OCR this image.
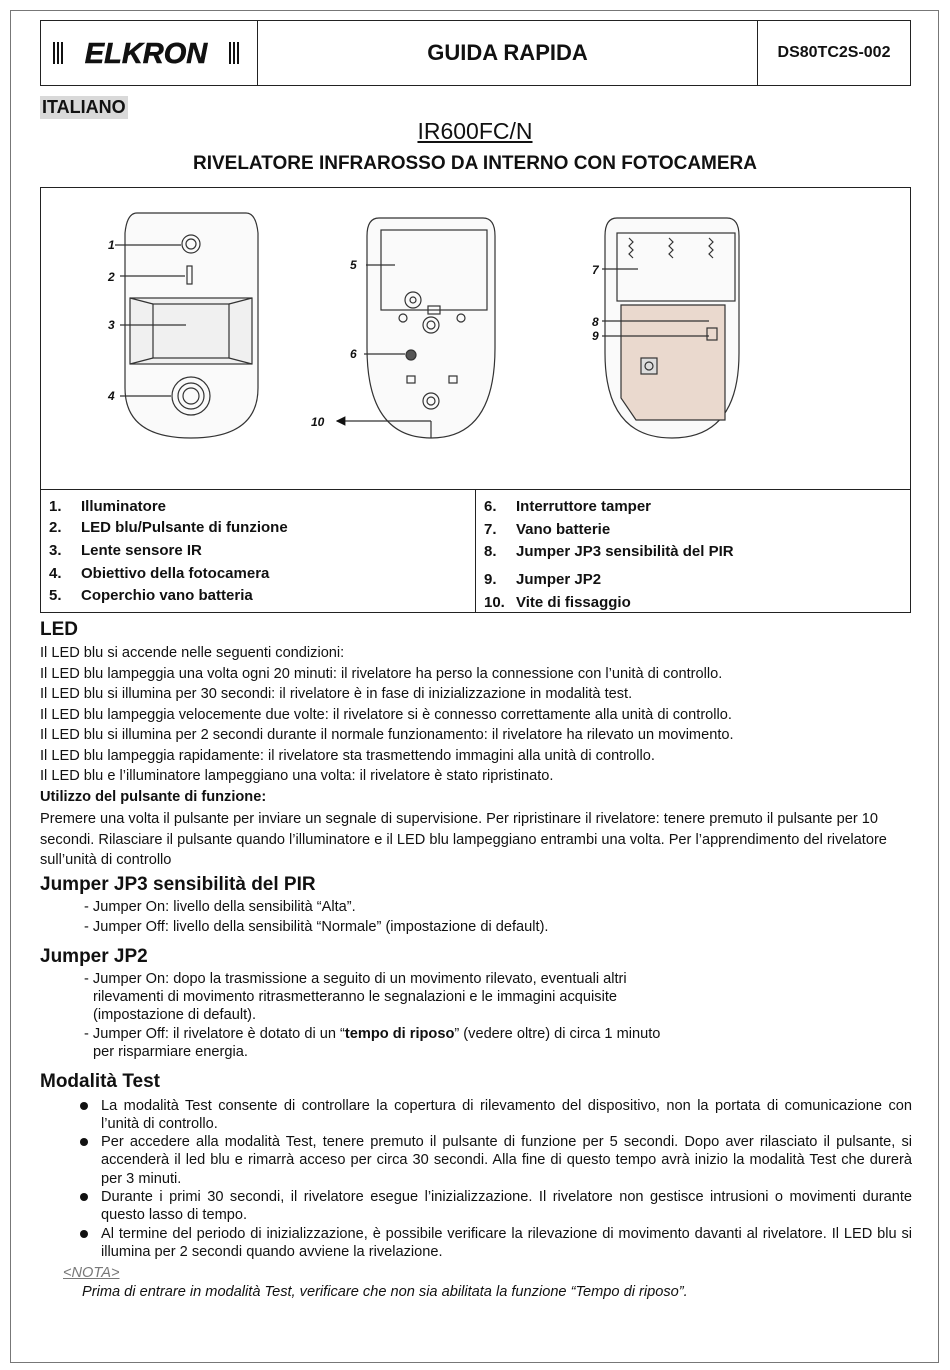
ELKRON	GUIDA RAPIDA	DS80TC2S-002
ITALIANO
IR600FC/N
RIVELATORE INFRAROSSO DA INTERNO CON FOTOCAMERA
1
2
3
4
5
6
10
7
8
9
1. Illuminatore
2. LED blu/Pulsante di funzione
3. Lente sensore IR
4. Obiettivo della fotocamera
5. Coperchio vano batteria
6. Interruttore tamper
7. Vano batterie
8. Jumper JP3 sensibilità del PIR
9. Jumper JP2
10. Vite di fissaggio
LED
Il LED blu si accende nelle seguenti condizioni:
Il LED blu lampeggia una volta ogni 20 minuti: il rivelatore ha perso la connessione con l’unità di controllo.
Il LED blu si illumina per 30 secondi: il rivelatore è in fase di inizializzazione in modalità test.
Il LED blu lampeggia velocemente due volte: il rivelatore si è connesso correttamente alla unità di controllo.
Il LED blu si illumina per 2 secondi durante il normale funzionamento: il rivelatore ha rilevato un movimento.
Il LED blu lampeggia rapidamente: il rivelatore sta trasmettendo immagini alla unità di controllo.
Il LED blu e l’illuminatore lampeggiano una volta: il rivelatore è stato ripristinato.
Utilizzo del pulsante di funzione:
Premere una volta il pulsante per inviare un segnale di supervisione. Per ripristinare il rivelatore: tenere premuto il pulsante per 10 secondi. Rilasciare il pulsante quando l’illuminatore e il LED blu lampeggiano entrambi una volta. Per l’apprendimento del rivelatore sull’unità di controllo
Jumper JP3 sensibilità del PIR
- Jumper On: livello della sensibilità “Alta”.
- Jumper Off: livello della sensibilità “Normale” (impostazione di default).
Jumper JP2
- Jumper On: dopo la trasmissione a seguito di un movimento rilevato, eventuali altri
rilevamenti di movimento ritrasmetteranno le segnalazioni e le immagini acquisite
(impostazione di default).
- Jumper Off: il rivelatore è dotato di un “tempo di riposo” (vedere oltre) di circa 1 minuto
per risparmiare energia.
Modalità Test
La modalità Test consente di controllare la copertura di rilevamento del dispositivo, non la portata di comunicazione con l’unità di controllo.
Per accedere alla modalità Test, tenere premuto il pulsante di funzione per 5 secondi. Dopo aver rilasciato il pulsante, si accenderà il led blu e rimarrà acceso per circa 30 secondi. Alla fine di questo tempo avrà inizio la modalità Test che durerà per 3 minuti.
Durante i primi 30 secondi, il rivelatore esegue l’inizializzazione. Il rivelatore non gestisce intrusioni o movimenti durante questo lasso di tempo.
Al termine del periodo di inizializzazione, è possibile verificare la rilevazione di movimento davanti al rivelatore. Il LED blu si illumina per 2 secondi quando avviene la rivelazione.
<NOTA>
Prima di entrare in modalità Test, verificare che non sia abilitata la funzione “Tempo di riposo”.
